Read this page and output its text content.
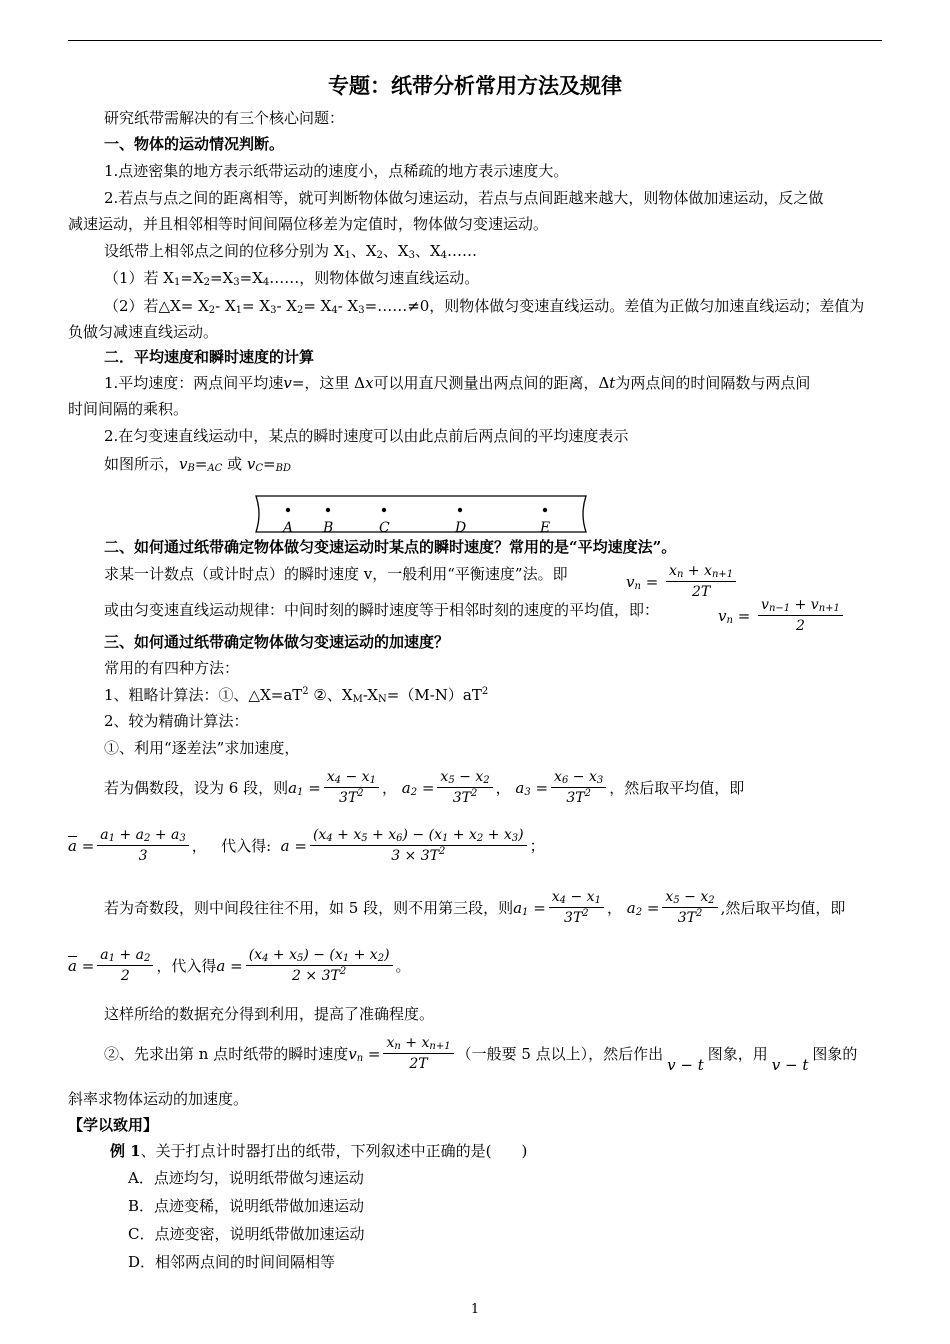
专题：纸带分析常用方法及规律
研究纸带需解决的有三个核心问题：
一、物体的运动情况判断。
1.点迹密集的地方表示纸带运动的速度小，点稀疏的地方表示速度大。
2.若点与点之间的距离相等，就可判断物体做匀速运动，若点与点间距越来越大，则物体做加速运动，反之做
减速运动，并且相邻相等时间间隔位移差为定值时，物体做匀变速运动。
设纸带上相邻点之间的位移分别为 $X_1$、$X_2$、$X_3$、$X_4\dots\dots$
（1）若 $X_1=X_2=X_3=X_4\dots\dots$，则物体做匀速直线运动。
（2）若△X= $X_2-$ $X_1= X_3-$ $X_2= X_4-$ $X_3=\dots\dots\ne 0$，则物体做匀变速直线运动。差值为正做匀加速直线运动；差值为
负做匀减速直线运动。
二．平均速度和瞬时速度的计算
1.平均速度：两点间平均速v=，这里 Δx可以用直尺测量出两点间的距离，Δt为两点间的时间隔数与两点间
时间间隔的乘积。
2.在匀变速直线运动中，某点的瞬时速度可以由此点前后两点间的平均速度表示
如图所示，$v_B=_{AC}$ 或 $v_C=_{BD}$
A B	C	D	E
二、如何通过纸带确定物体做匀变速运动时某点的瞬时速度？常用的是“平均速度法”。
求某一计数点（或计时点）的瞬时速度 v，一般利用“平衡速度”法。即	$v_n = \frac{x_n + x_{n+1}}{2T}$
或由匀变速直线运动规律：中间时刻的瞬时速度等于相邻时刻的速度的平均值，即：	$v_n = \frac{v_{n-1} + v_{n+1}}{2}$
三、如何通过纸带确定物体做匀变速运动的加速度？
常用的有四种方法：
1、粗略计算法：①、$\triangle X=aT^2$ ②、$X_M-X_N=(M-N)aT^2$
2、较为精确计算法：
①、利用“逐差法”求加速度，
若为偶数段，设为 6 段，则 $a_1 = \frac{x_4 - x_1}{3T^2}$ ， $a_2 = \frac{x_5 - x_2}{3T^2}$ ， $a_3 = \frac{x_6 - x_3}{3T^2}$ ，然后取平均值，即
$\overline{a} = \frac{a_1 + a_2 + a_3}{3}$ ， 代入得:
$a = \frac{(x_4 + x_5 + x_6) - (x_1 + x_2 + x_3)}{3 \times 3T^2}$ ；
若为奇数段，则中间段往往不用，如 5 段，则不用第三段，则 $a_1 = \frac{x_4 - x_1}{3T^2}$ ， $a_2 = \frac{x_5 - x_2}{3T^2}$ ,然后取平均值，即
$\overline{a} = \frac{a_1 + a_2}{2}$ ，代入得 $a = \frac{(x_4 + x_5) - (x_1 + x_2)}{2 \times 3T^2}$ 。
这样所给的数据充分得到利用，提高了准确程度。
②、先求出第 n 点时纸带的瞬时速度 $v_n = \frac{x_n + x_{n+1}}{2T}$ （一般要 5 点以上），然后作出
v − t
图象，用
v − t
图象的
斜率求物体运动的加速度。
【学以致用】
例 1、关于打点计时器打出的纸带，下列叙述中正确的是(　　)
A．点迹均匀，说明纸带做匀速运动
B．点迹变稀，说明纸带做加速运动
C．点迹变密，说明纸带做加速运动
D．相邻两点间的时间间隔相等
1
